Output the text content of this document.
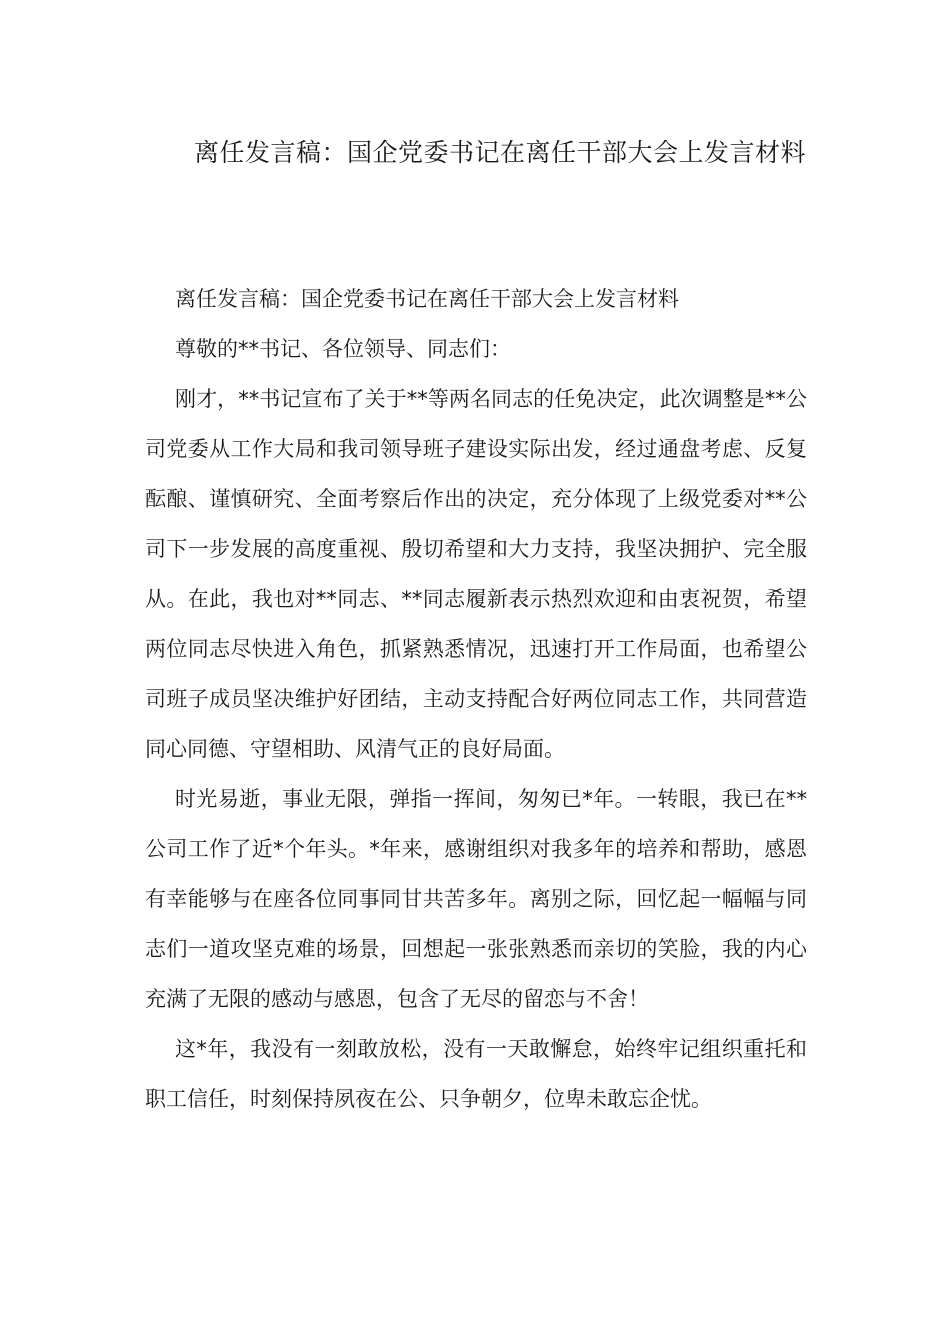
离任发言稿：国企党委书记在离任干部大会上发言材料

离任发言稿：国企党委书记在离任干部大会上发言材料

尊敬的**书记、各位领导、同志们：

刚才，**书记宣布了关于**等两名同志的任免决定，此次调整是**公司党委从工作大局和我司领导班子建设实际出发，经过通盘考虑、反复酝酿、谨慎研究、全面考察后作出的决定，充分体现了上级党委对**公司下一步发展的高度重视、殷切希望和大力支持，我坚决拥护、完全服从。在此，我也对**同志、**同志履新表示热烈欢迎和由衷祝贺，希望两位同志尽快进入角色，抓紧熟悉情况，迅速打开工作局面，也希望公司班子成员坚决维护好团结，主动支持配合好两位同志工作，共同营造同心同德、守望相助、风清气正的良好局面。

时光易逝，事业无限，弹指一挥间，匆匆已*年。一转眼，我已在**公司工作了近*个年头。*年来，感谢组织对我多年的培养和帮助，感恩有幸能够与在座各位同事同甘共苦多年。离别之际，回忆起一幅幅与同志们一道攻坚克难的场景，回想起一张张熟悉而亲切的笑脸，我的内心充满了无限的感动与感恩，包含了无尽的留恋与不舍！

这*年，我没有一刻敢放松，没有一天敢懈怠，始终牢记组织重托和职工信任，时刻保持夙夜在公、只争朝夕，位卑未敢忘企忧。
